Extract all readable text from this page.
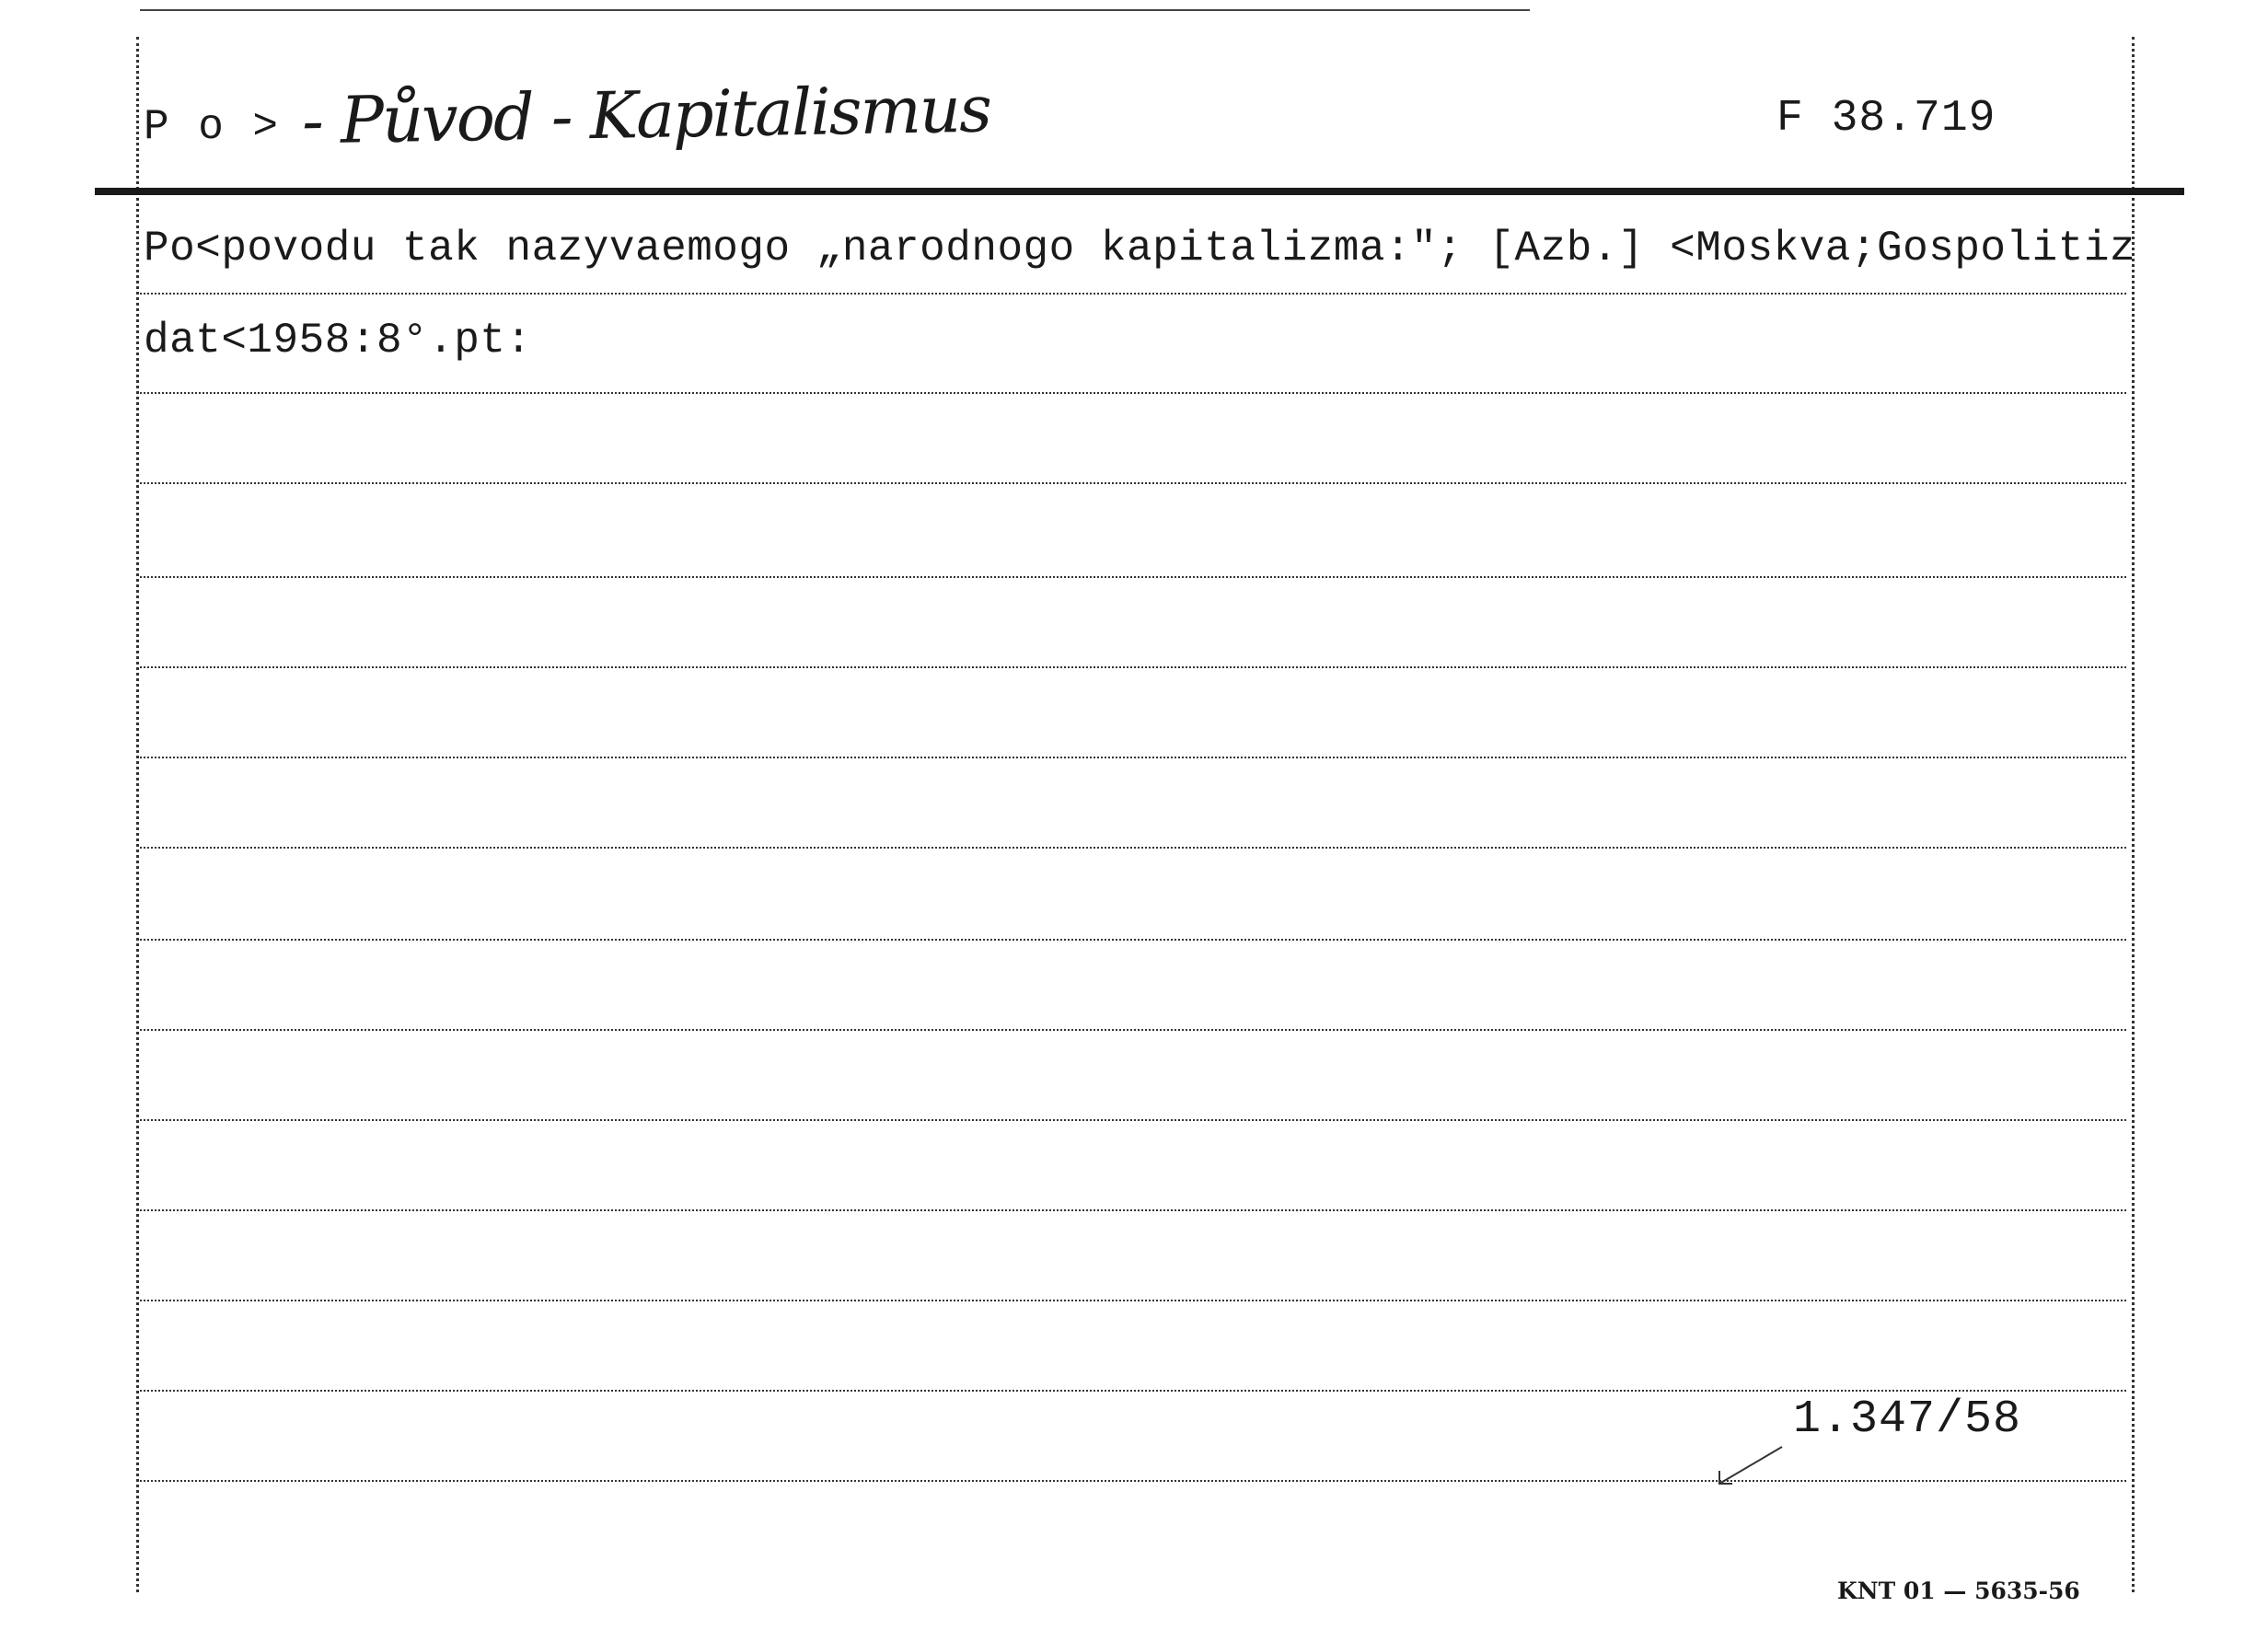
P o > - Původ - Kapitalismus	F 38.719
Po<povodu tak nazyvaemogo „narodnogo kapitalizma:"; [Azb.] <Moskva;Gospolitiz
dat<1958:8°.pt:
1.347/58
KNT 01 — 5635-56
